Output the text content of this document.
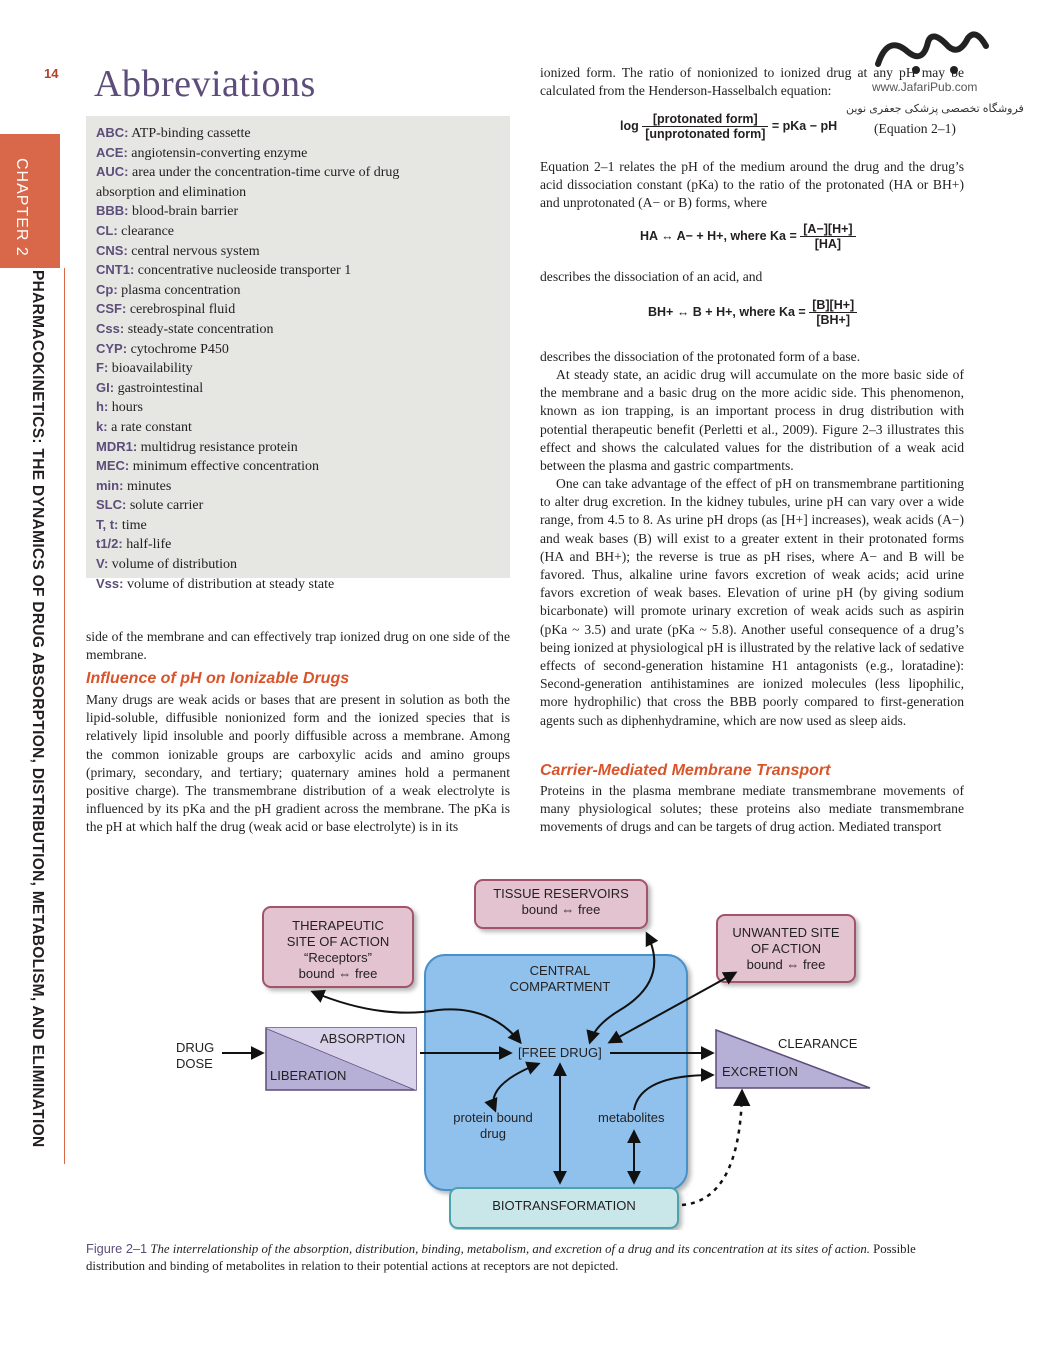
www.JafariPub.com
فروشگاه تخصصی پزشکی جعفری نوین
14 Abbreviations
CHAPTER 2
PHARMACOKINETICS: THE DYNAMICS OF DRUG ABSORPTION, DISTRIBUTION, METABOLISM, AND ELIMINATION
ABC: ATP-binding cassette
ACE: angiotensin-converting enzyme
AUC: area under the concentration-time curve of drug
absorption and elimination
BBB: blood-brain barrier
CL: clearance
CNS: central nervous system
CNT1: concentrative nucleoside transporter 1
Cp: plasma concentration
CSF: cerebrospinal fluid
Css: steady-state concentration
CYP: cytochrome P450
F: bioavailability
GI: gastrointestinal
h: hours
k: a rate constant
MDR1: multidrug resistance protein
MEC: minimum effective concentration
min: minutes
SLC: solute carrier
T, t: time
t1/2: half-life
V: volume of distribution
Vss: volume of distribution at steady state
side of the membrane and can effectively trap ionized drug on one side of the membrane.
Influence of pH on Ionizable Drugs
Many drugs are weak acids or bases that are present in solution as both the lipid-soluble, diffusible nonionized form and the ionized species that is relatively lipid insoluble and poorly diffusible across a membrane. Among the common ionizable groups are carboxylic acids and amino groups (primary, secondary, and tertiary; quaternary amines hold a permanent positive charge). The transmembrane distribution of a weak electrolyte is influenced by its pKa and the pH gradient across the membrane. The pKa is the pH at which half the drug (weak acid or base electrolyte) is in its
ionized form. The ratio of nonionized to ionized drug at any pH may be calculated from the Henderson-Hasselbalch equation:
$\log \frac{\text{[protonated form]}}{\text{[unprotonated form]}}$ = pKa − pH	(Equation 2–1)
Equation 2–1 relates the pH of the medium around the drug and the drug’s acid dissociation constant (pKa) to the ratio of the protonated (HA or BH+) and unprotonated (A− or B) forms, where
HA ↔ A− + H+, where $Ka = \frac{[A-][H+]}{[HA]}$
describes the dissociation of an acid, and
BH+ ↔ B + H+, where $Ka = \frac{[B][H+]}{[BH+]}$
describes the dissociation of the protonated form of a base.
At steady state, an acidic drug will accumulate on the more basic side of the membrane and a basic drug on the more acidic side. This phenomenon, known as ion trapping, is an important process in drug distribution with potential therapeutic benefit (Perletti et al., 2009). Figure 2–3 illustrates this effect and shows the calculated values for the distribution of a weak acid between the plasma and gastric compartments.
One can take advantage of the effect of pH on transmembrane partitioning to alter drug excretion. In the kidney tubules, urine pH can vary over a wide range, from 4.5 to 8. As urine pH drops (as [H+] increases), weak acids (A−) and weak bases (B) will exist to a greater extent in their protonated forms (HA and BH+); the reverse is true as pH rises, where A− and B will be favored. Thus, alkaline urine favors excretion of weak acids; acid urine favors excretion of weak bases. Elevation of urine pH (by giving sodium bicarbonate) will promote urinary excretion of weak acids such as aspirin (pKa ~ 3.5) and urate (pKa ~ 5.8). Another useful consequence of a drug’s being ionized at physiological pH is illustrated by the relative lack of sedative effects of second-generation histamine H1 antagonists (e.g., loratadine): Second-generation antihistamines are ionized molecules (less lipophilic, more hydrophilic) that cross the BBB poorly compared to first-generation agents such as diphenhydramine, which are now used as sleep aids.
Carrier-Mediated Membrane Transport
Proteins in the plasma membrane mediate transmembrane movements of many physiological solutes; these proteins also mediate transmembrane movements of drugs and can be targets of drug action. Mediated transport
TISSUE RESERVOIRS
bound ⇔ free
THERAPEUTIC
SITE OF ACTION
“Receptors”
bound ⇔ free
UNWANTED SITE
OF ACTION
bound ⇔ free
CENTRAL
COMPARTMENT
[FREE DRUG]
DRUG
DOSE
ABSORPTION
LIBERATION
CLEARANCE
EXCRETION
protein bound
drug
metabolites
BIOTRANSFORMATION
Figure 2–1 The interrelationship of the absorption, distribution, binding, metabolism, and excretion of a drug and its concentration at its sites of action. Possible distribution and binding of metabolites in relation to their potential actions at receptors are not depicted.
